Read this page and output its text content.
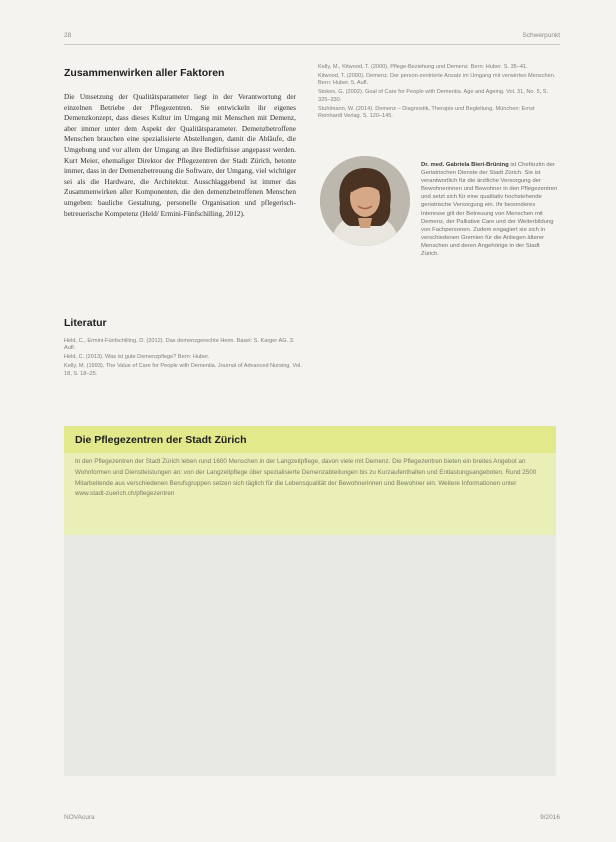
28	Schwerpunkt
Zusammenwirken aller Faktoren
Die Umsetzung der Qualitätsparameter liegt in der Verantwortung der einzelnen Betriebe der Pflegezentren. Sie entwickeln ihr eigenes Demenzkonzept, dass dieses Kultur im Umgang mit Menschen mit Demenz, aber immer unter dem Aspekt der Qualitätsparameter. Demenzbetroffene Menschen brauchen eine spezialisierte Abstellungen, damit die Abläufe, die Umgebung und vor allem der Umgang an ihre Bedürfnisse angepasst werden. Kurt Meier, ehemaliger Direktor der Pflegezentren der Stadt Zürich, betonte immer, dass in der Demenzbetreuung die Software, der Umgang, viel wichtiger sei als die Hardware, die Architektur. Ausschlaggebend ist immer das Zusammenwirken aller Komponenten, die den demenzbetroffenen Menschen umgeben: bauliche Gestaltung, personelle Organisation und pflegerisch-betreuerische Kompetenz (Held/ Ermini-Fünfschilling, 2012).
Literatur

Held, C., Ermini-Fünfschilling, D. (2012). Das demenzgerechte Heim. Basel: S. Karger AG. 3. Aufl.

Held, C. (2013). Was ist gute Demenzpflege? Bern: Huber.

Kelly, M. (1993). The Value of Care for People with Dementia. Journal of Advanced Nursing. Vol. 18, S. 18–25.

Kelly, M., Kitwood, T. (2000). Pflege-Beziehung und Demenz. Bern: Huber. S. 35–41.

Kitwood, T. (2000). Demenz. Der person-zentrierte Ansatz im Umgang mit verwirrten Menschen. Bern: Huber. 5. Aufl.

Stokes, G. (2002). Goal of Care for People with Dementia. Age and Ageing. Vol. 31, No. 5, S. 325–330.

Stuhlmann, W. (2014). Demenz – Diagnostik, Therapie und Begleitung. München: Ernst Reinhardt Verlag. S. 120–145.

Dr. med. Gabriela Bieri-Brüning ist Chefärztin der Geriatrischen Dienste der Stadt Zürich. Sie ist verantwortlich für die ärztliche Versorgung der Bewohnerinnen und Bewohner in den Pflegezentren und setzt sich für eine qualitativ hochstehende geriatrische Versorgung ein. Ihr besonderes Interesse gilt der Betreuung von Menschen mit Demenz, der Palliative Care und der Weiterbildung von Fachpersonen. Zudem engagiert sie sich in verschiedenen Gremien für die Anliegen älterer Menschen und deren Angehörige in der Stadt Zürich.
Die Pflegezentren der Stadt Zürich
In den Pflegezentren der Stadt Zürich leben rund 1600 Menschen in der Langzeitpflege, davon viele mit Demenz. Die Pflegezentren bieten ein breites Angebot an Wohnformen und Dienstleistungen an: von der Langzeitpflege über spezialisierte Demenzabteilungen bis zu Kurzaufenthalten und Entlastungsangeboten. Rund 2500 Mitarbeitende aus verschiedenen Berufsgruppen setzen sich täglich für die Lebensqualität der Bewohnerinnen und Bewohner ein. Weitere Informationen unter www.stadt-zuerich.ch/pflegezentren
NOVAcura	9/2016
